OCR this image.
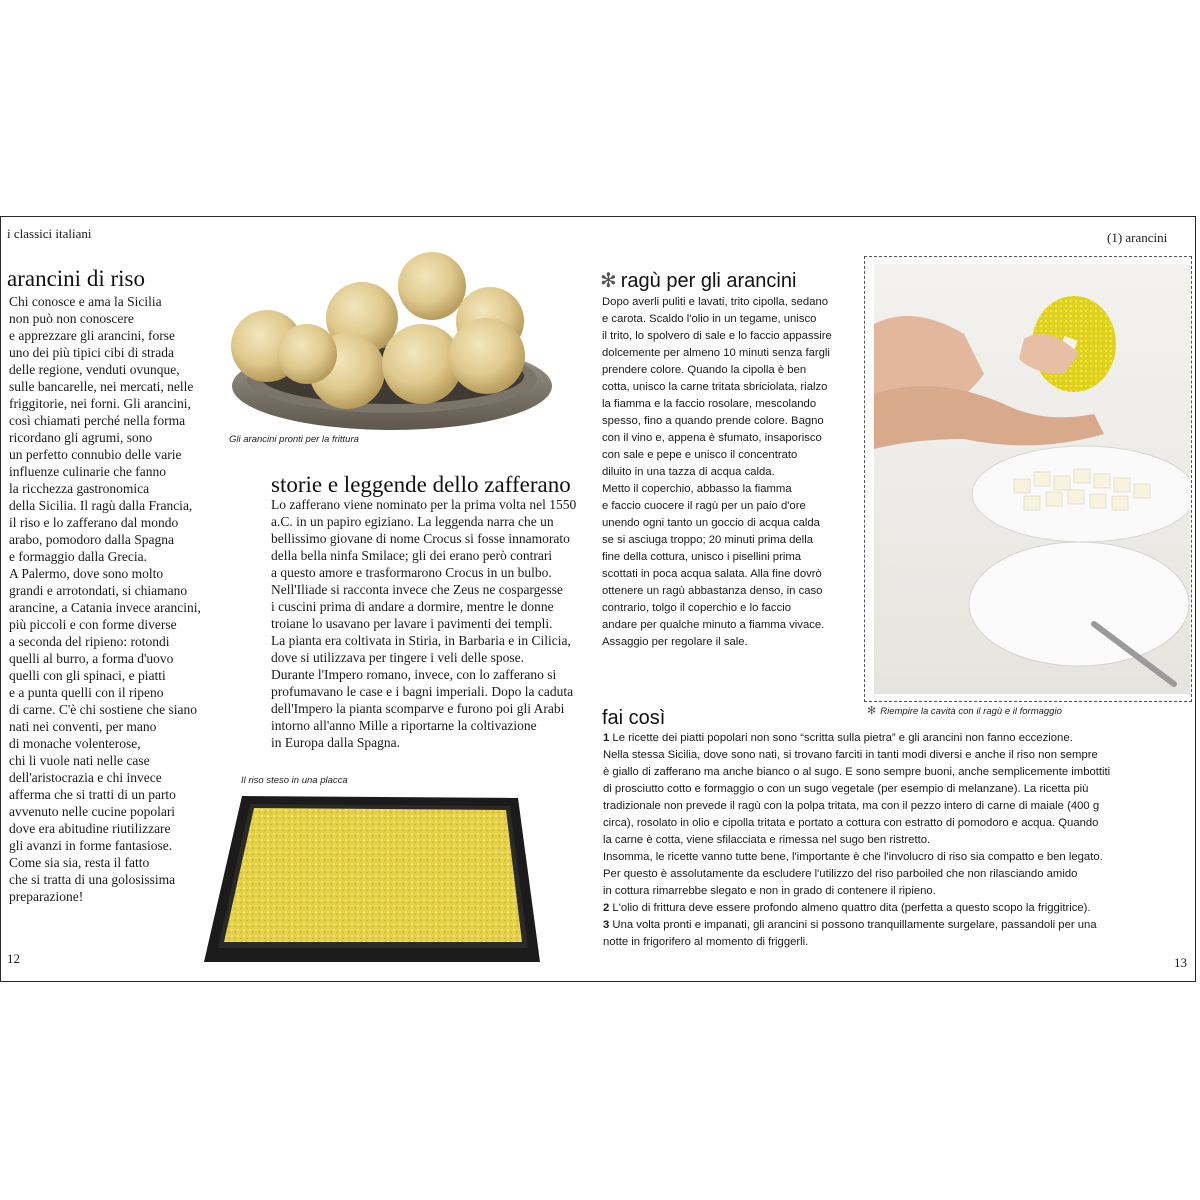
i classici italiani
arancini di riso
Chi conosce e ama la Sicilia
non può non conoscere
e apprezzare gli arancini, forse
uno dei più tipici cibi di strada
delle regione, venduti ovunque,
sulle bancarelle, nei mercati, nelle
friggitorie, nei forni. Gli arancini,
così chiamati perché nella forma
ricordano gli agrumi, sono
un perfetto connubio delle varie
influenze culinarie che fanno
la ricchezza gastronomica
della Sicilia. Il ragù dalla Francia,
il riso e lo zafferano dal mondo
arabo, pomodoro dalla Spagna
e formaggio dalla Grecia.
A Palermo, dove sono molto
grandi e arrotondati, si chiamano
arancine, a Catania invece arancini,
più piccoli e con forme diverse
a seconda del ripieno: rotondi
quelli al burro, a forma d'uovo
quelli con gli spinaci, e piatti
e a punta quelli con il ripeno
di carne. C'è chi sostiene che siano
nati nei conventi, per mano
di monache volenterose,
chi li vuole nati nelle case
dell'aristocrazia e chi invece
afferma che si tratti di un parto
avvenuto nelle cucine popolari
dove era abitudine riutilizzare
gli avanzi in forme fantasiose.
Come sia sia, resta il fatto
che si tratta di una golosissima
preparazione!
Gli arancini pronti per la frittura
storie e leggende dello zafferano
Lo zafferano viene nominato per la prima volta nel 1550
a.C. in un papiro egiziano. La leggenda narra che un
bellissimo giovane di nome Crocus si fosse innamorato
della bella ninfa Smilace; gli dei erano però contrari
a questo amore e trasformarono Crocus in un bulbo.
Nell'Iliade si racconta invece che Zeus ne cospargesse
i cuscini prima di andare a dormire, mentre le donne
troiane lo usavano per lavare i pavimenti dei templi.
La pianta era coltivata in Stiria, in Barbaria e in Cilicia,
dove si utilizzava per tingere i veli delle spose.
Durante l'Impero romano, invece, con lo zafferano si
profumavano le case e i bagni imperiali. Dopo la caduta
dell'Impero la pianta scomparve e furono poi gli Arabi
intorno all'anno Mille a riportarne la coltivazione
in Europa dalla Spagna.
Il riso steso in una placca
12
(1) arancini
✻ ragù per gli arancini
Dopo averli puliti e lavati, trito cipolla, sedano
e carota. Scaldo l'olio in un tegame, unisco
il trito, lo spolvero di sale e lo faccio appassire
dolcemente per almeno 10 minuti senza fargli
prendere colore. Quando la cipolla è ben
cotta, unisco la carne tritata sbriciolata, rialzo
la fiamma e la faccio rosolare, mescolando
spesso, fino a quando prende colore. Bagno
con il vino e, appena è sfumato, insaporisco
con sale e pepe e unisco il concentrato
diluito in una tazza di acqua calda.
Metto il coperchio, abbasso la fiamma
e faccio cuocere il ragù per un paio d'ore
unendo ogni tanto un goccio di acqua calda
se si asciuga troppo; 20 minuti prima della
fine della cottura, unisco i pisellini prima
scottati in poca acqua salata. Alla fine dovrò
ottenere un ragù abbastanza denso, in caso
contrario, tolgo il coperchio e lo faccio
andare per qualche minuto a fiamma vivace.
Assaggio per regolare il sale.
✻ Riempire la cavità con il ragù e il formaggio
fai così
1 Le ricette dei piatti popolari non sono “scritta sulla pietra” e gli arancini non fanno eccezione.
Nella stessa Sicilia, dove sono nati, si trovano farciti in tanti modi diversi e anche il riso non sempre
è giallo di zafferano ma anche bianco o al sugo. E sono sempre buoni, anche semplicemente imbottiti
di prosciutto cotto e formaggio o con un sugo vegetale (per esempio di melanzane). La ricetta più
tradizionale non prevede il ragù con la polpa tritata, ma con il pezzo intero di carne di maiale (400 g
circa), rosolato in olio e cipolla tritata e portato a cottura con estratto di pomodoro e acqua. Quando
la carne è cotta, viene sfilacciata e rimessa nel sugo ben ristretto.
Insomma, le ricette vanno tutte bene, l'importante è che l'involucro di riso sia compatto e ben legato.
Per questo è assolutamente da escludere l'utilizzo del riso parboiled che non rilasciando amido
in cottura rimarrebbe slegato e non in grado di contenere il ripieno.
2 L'olio di frittura deve essere profondo almeno quattro dita (perfetta a questo scopo la friggitrice).
3 Una volta pronti e impanati, gli arancini si possono tranquillamente surgelare, passandoli per una
notte in frigorifero al momento di friggerli.
13
